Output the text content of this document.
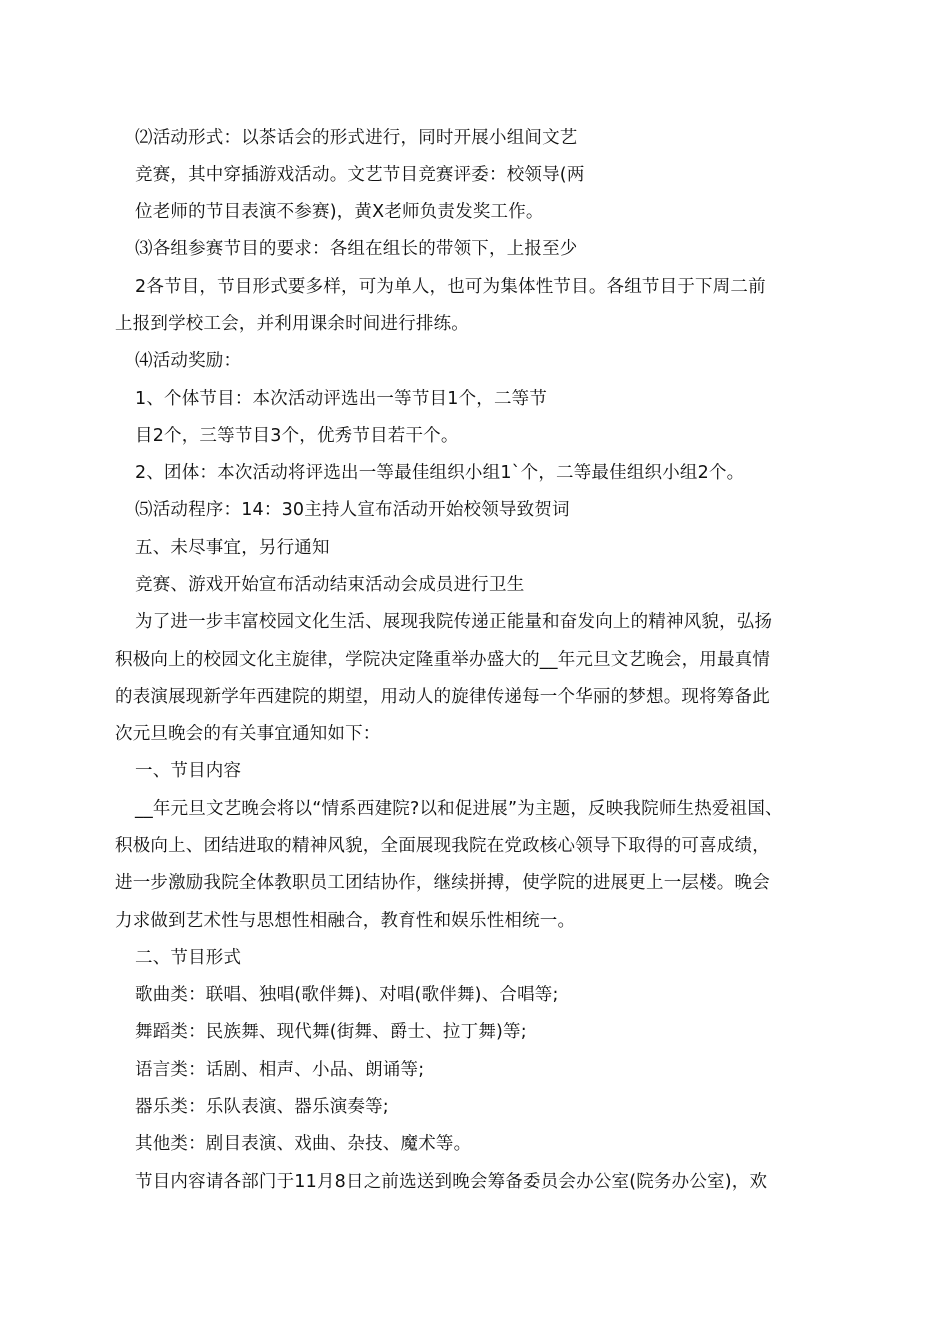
⑵活动形式：以茶话会的形式进行，同时开展小组间文艺
竞赛，其中穿插游戏活动。文艺节目竞赛评委：校领导(两
位老师的节目表演不参赛)，黄X老师负责发奖工作。
⑶各组参赛节目的要求：各组在组长的带领下，上报至少
2各节目，节目形式要多样，可为单人，也可为集体性节目。各组节目于下周二前
上报到学校工会，并利用课余时间进行排练。
⑷活动奖励：
1、个体节目：本次活动评选出一等节目1个，二等节
目2个，三等节目3个，优秀节目若干个。
2、团体：本次活动将评选出一等最佳组织小组1`个，二等最佳组织小组2个。
⑸活动程序：14：30主持人宣布活动开始校领导致贺词
五、未尽事宜，另行通知
竞赛、游戏开始宣布活动结束活动会成员进行卫生
为了进一步丰富校园文化生活、展现我院传递正能量和奋发向上的精神风貌，弘扬
积极向上的校园文化主旋律，学院决定隆重举办盛大的__年元旦文艺晚会，用最真情
的表演展现新学年西建院的期望，用动人的旋律传递每一个华丽的梦想。现将筹备此
次元旦晚会的有关事宜通知如下：
一、节目内容
__年元旦文艺晚会将以“情系西建院?以和促进展”为主题，反映我院师生热爱祖国、
积极向上、团结进取的精神风貌，全面展现我院在党政核心领导下取得的可喜成绩，
进一步激励我院全体教职员工团结协作，继续拼搏，使学院的进展更上一层楼。晚会
力求做到艺术性与思想性相融合，教育性和娱乐性相统一。
二、节目形式
歌曲类：联唱、独唱(歌伴舞)、对唱(歌伴舞)、合唱等;
舞蹈类：民族舞、现代舞(街舞、爵士、拉丁舞)等;
语言类：话剧、相声、小品、朗诵等;
器乐类：乐队表演、器乐演奏等;
其他类：剧目表演、戏曲、杂技、魔术等。
节目内容请各部门于11月8日之前选送到晚会筹备委员会办公室(院务办公室)，欢
